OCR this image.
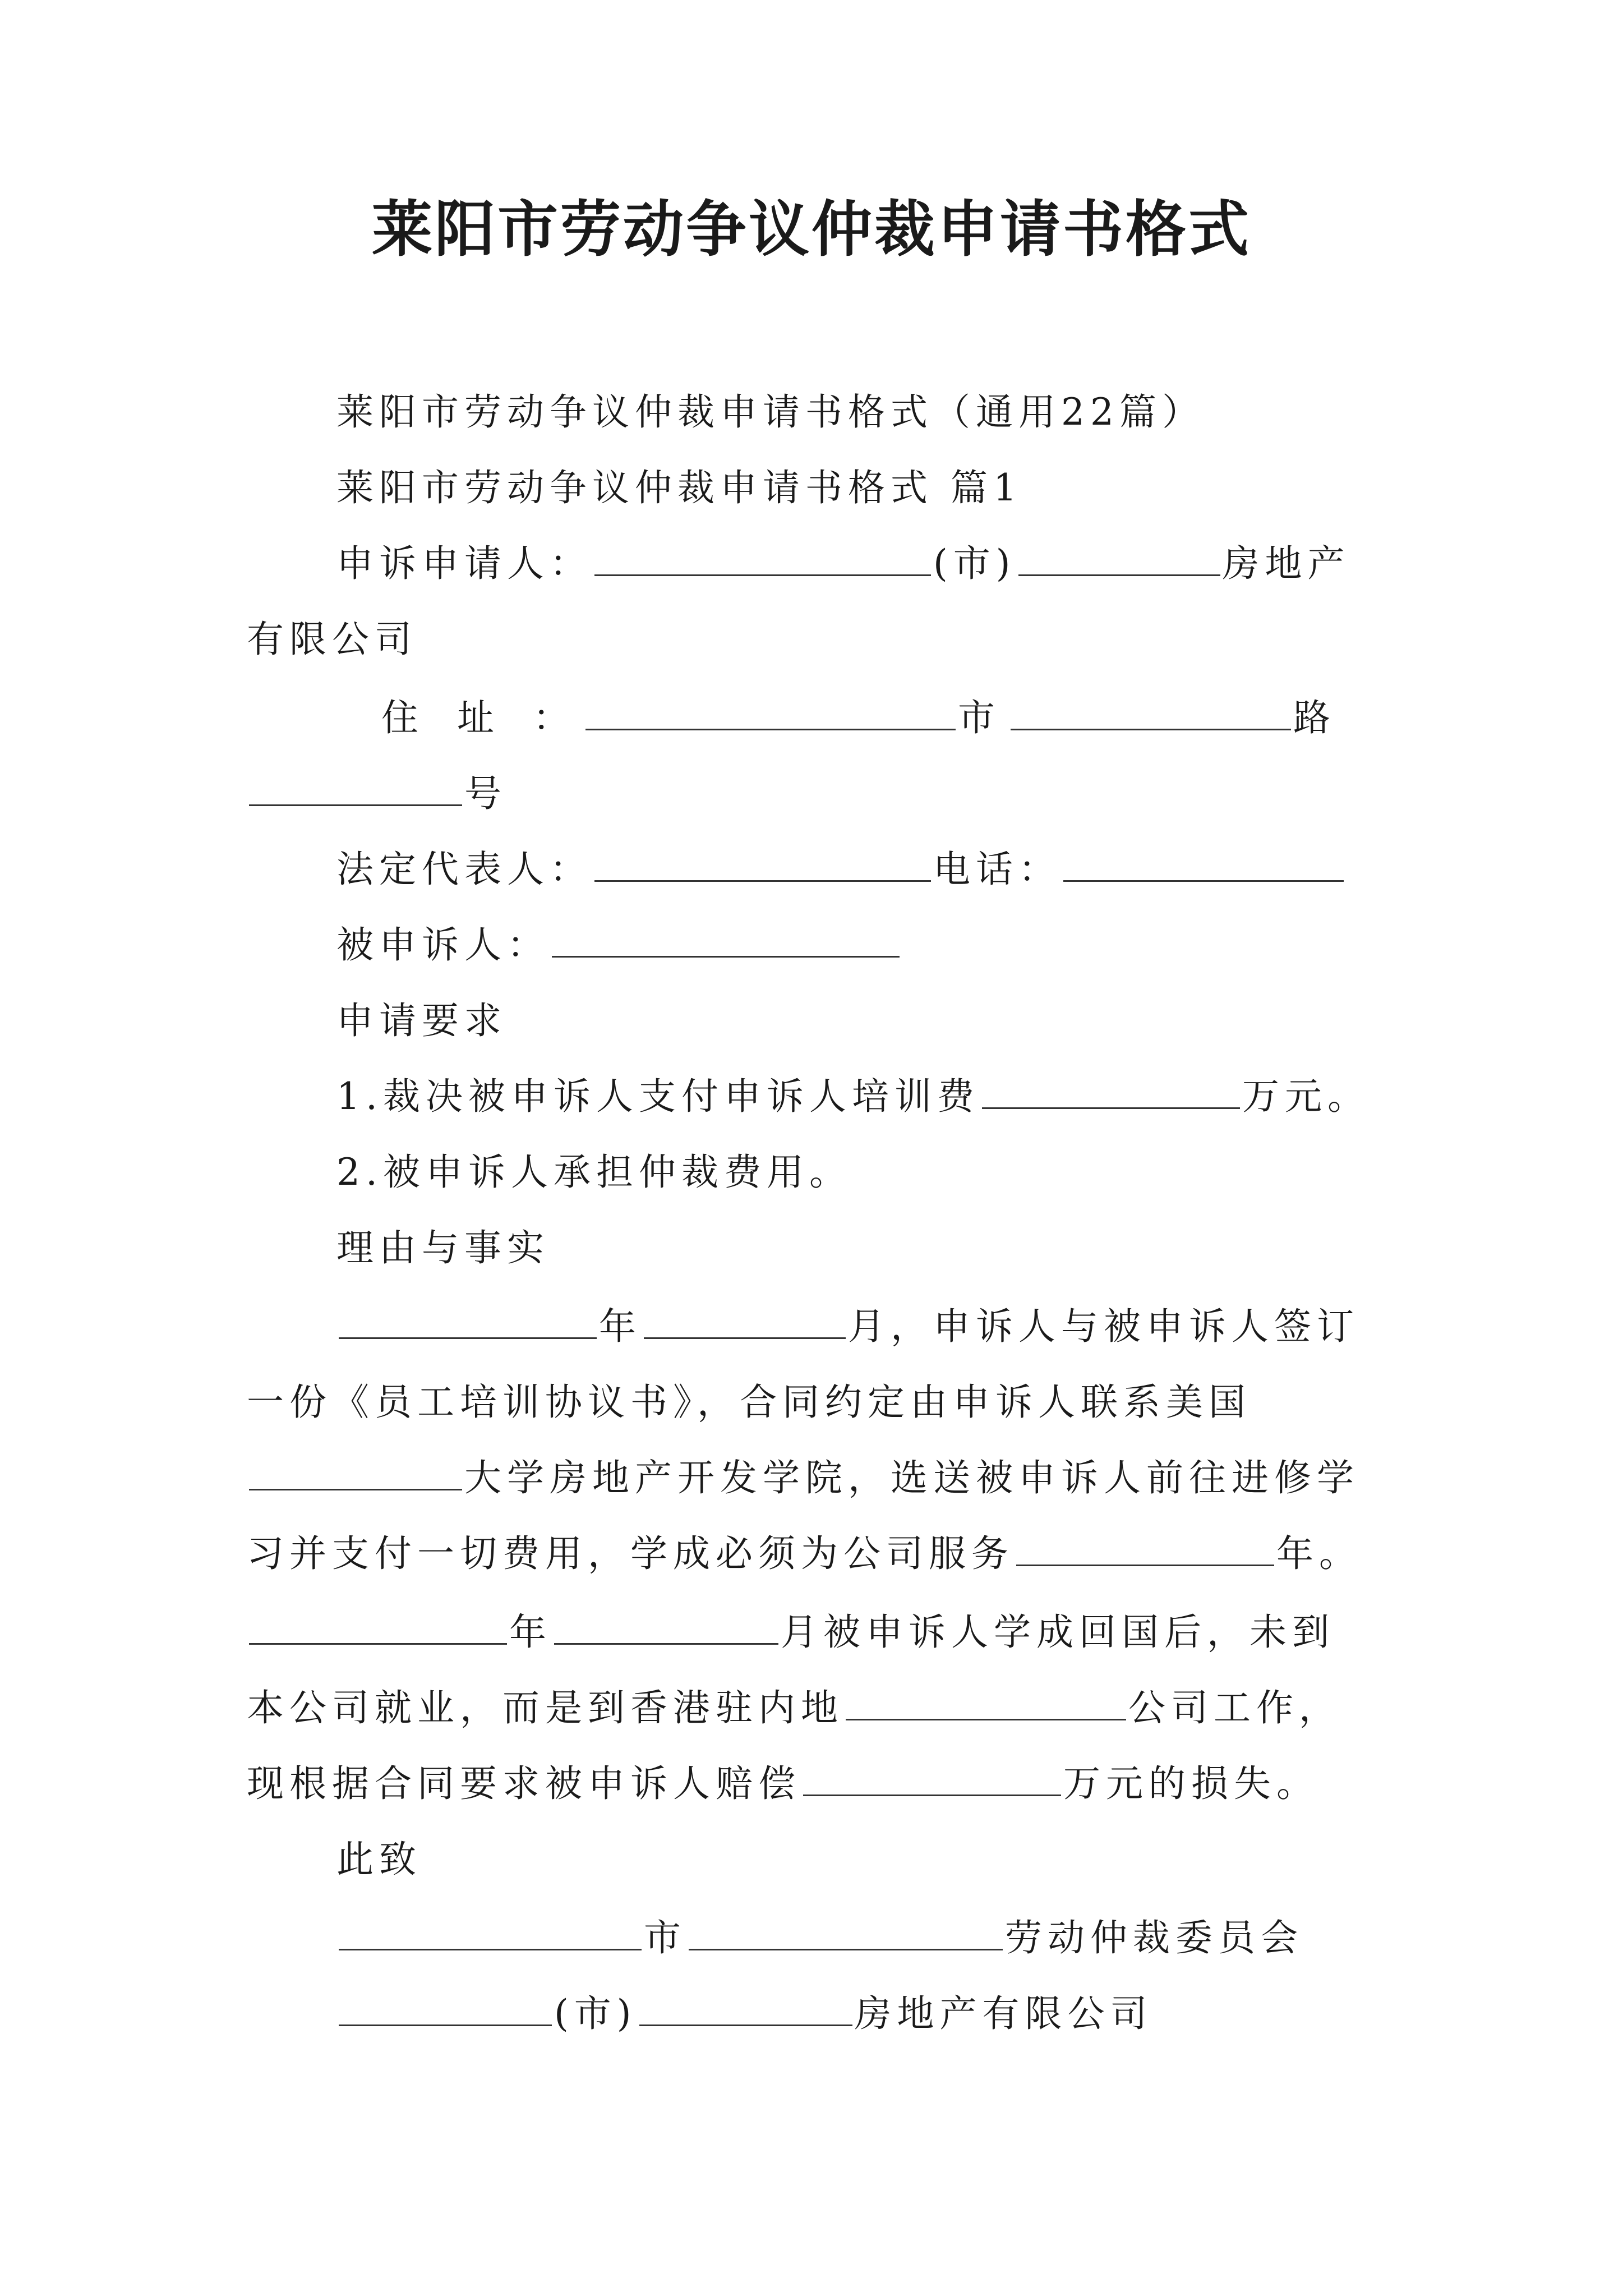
莱阳市劳动争议仲裁申请书格式

莱阳市劳动争议仲裁申请书格式（通用22篇）

莱阳市劳动争议仲裁申请书格式 篇1

申诉申请人：	(市)	房地产

有限公司

住 址 ：	市	路

号

法定代表人：	电话：

被申诉人：

申请要求

1.裁决被申诉人支付申诉人培训费	万元。

2.被申诉人承担仲裁费用。

理由与事实

年	月，申诉人与被申诉人签订

一份《员工培训协议书》，合同约定由申诉人联系美国

大学房地产开发学院，选送被申诉人前往进修学

习并支付一切费用，学成必须为公司服务	年。

年	月被申诉人学成回国后，未到

本公司就业，而是到香港驻内地	公司工作，

现根据合同要求被申诉人赔偿	万元的损失。

此致

市	劳动仲裁委员会

(市)	房地产有限公司
